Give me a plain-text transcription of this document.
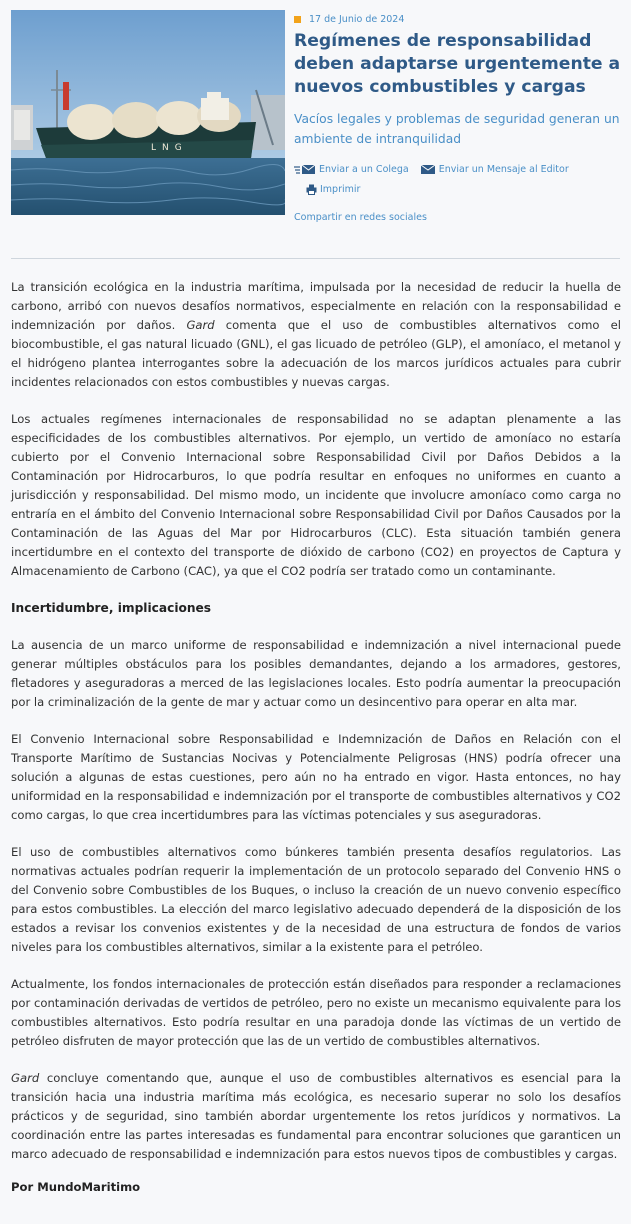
LNG
17 de Junio de 2024
Regímenes de responsabilidad deben adaptarse urgentemente a nuevos combustibles y cargas

Vacíos legales y problemas de seguridad generan un ambiente de intranquilidad

Enviar a un Colega	Enviar un Mensaje al Editor
Imprimir
Compartir en redes sociales

La transición ecológica en la industria marítima, impulsada por la necesidad de reducir la huella de carbono, arribó con nuevos desafíos normativos, especialmente en relación con la responsabilidad e indemnización por daños. Gard comenta que el uso de combustibles alternativos como el biocombustible, el gas natural licuado (GNL), el gas licuado de petróleo (GLP), el amoníaco, el metanol y el hidrógeno plantea interrogantes sobre la adecuación de los marcos jurídicos actuales para cubrir incidentes relacionados con estos combustibles y nuevas cargas.

Los actuales regímenes internacionales de responsabilidad no se adaptan plenamente a las especificidades de los combustibles alternativos. Por ejemplo, un vertido de amoníaco no estaría cubierto por el Convenio Internacional sobre Responsabilidad Civil por Daños Debidos a la Contaminación por Hidrocarburos, lo que podría resultar en enfoques no uniformes en cuanto a jurisdicción y responsabilidad. Del mismo modo, un incidente que involucre amoníaco como carga no entraría en el ámbito del Convenio Internacional sobre Responsabilidad Civil por Daños Causados por la Contaminación de las Aguas del Mar por Hidrocarburos (CLC). Esta situación también genera incertidumbre en el contexto del transporte de dióxido de carbono (CO2) en proyectos de Captura y Almacenamiento de Carbono (CAC), ya que el CO2 podría ser tratado como un contaminante.

Incertidumbre, implicaciones

La ausencia de un marco uniforme de responsabilidad e indemnización a nivel internacional puede generar múltiples obstáculos para los posibles demandantes, dejando a los armadores, gestores, fletadores y aseguradoras a merced de las legislaciones locales. Esto podría aumentar la preocupación por la criminalización de la gente de mar y actuar como un desincentivo para operar en alta mar.

El Convenio Internacional sobre Responsabilidad e Indemnización de Daños en Relación con el Transporte Marítimo de Sustancias Nocivas y Potencialmente Peligrosas (HNS) podría ofrecer una solución a algunas de estas cuestiones, pero aún no ha entrado en vigor. Hasta entonces, no hay uniformidad en la responsabilidad e indemnización por el transporte de combustibles alternativos y CO2 como cargas, lo que crea incertidumbres para las víctimas potenciales y sus aseguradoras.

El uso de combustibles alternativos como búnkeres también presenta desafíos regulatorios. Las normativas actuales podrían requerir la implementación de un protocolo separado del Convenio HNS o del Convenio sobre Combustibles de los Buques, o incluso la creación de un nuevo convenio específico para estos combustibles. La elección del marco legislativo adecuado dependerá de la disposición de los estados a revisar los convenios existentes y de la necesidad de una estructura de fondos de varios niveles para los combustibles alternativos, similar a la existente para el petróleo.

Actualmente, los fondos internacionales de protección están diseñados para responder a reclamaciones por contaminación derivadas de vertidos de petróleo, pero no existe un mecanismo equivalente para los combustibles alternativos. Esto podría resultar en una paradoja donde las víctimas de un vertido de petróleo disfruten de mayor protección que las de un vertido de combustibles alternativos.

Gard concluye comentando que, aunque el uso de combustibles alternativos es esencial para la transición hacia una industria marítima más ecológica, es necesario superar no solo los desafíos prácticos y de seguridad, sino también abordar urgentemente los retos jurídicos y normativos. La coordinación entre las partes interesadas es fundamental para encontrar soluciones que garanticen un marco adecuado de responsabilidad e indemnización para estos nuevos tipos de combustibles y cargas.

Por MundoMaritimo
